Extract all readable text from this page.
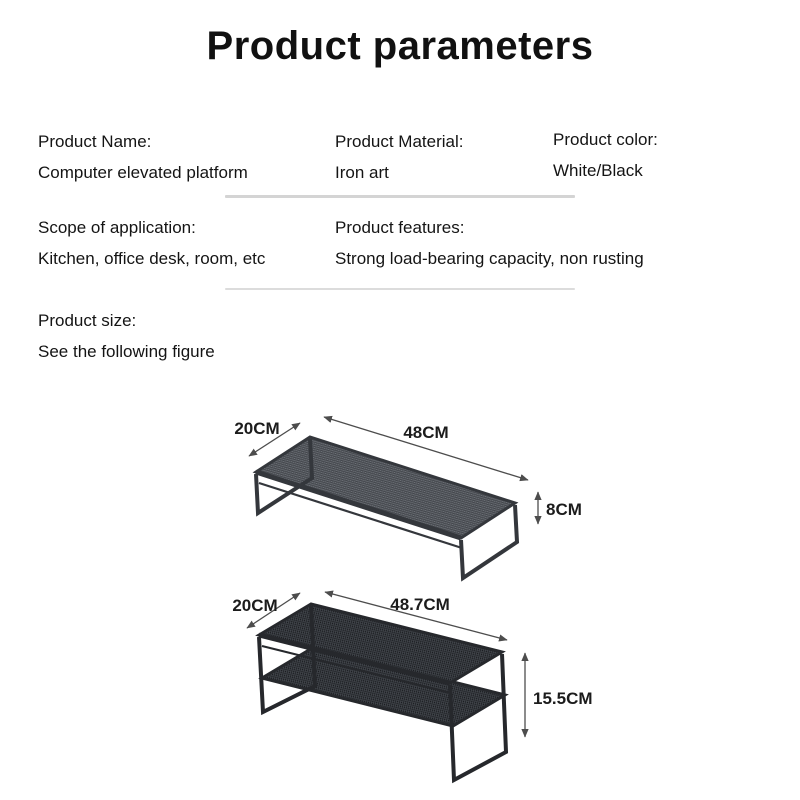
Product parameters
Product Name:
Computer elevated platform
Product Material:
Iron art
Product color:
White/Black
Scope of application:
Kitchen, office desk, room, etc
Product features:
Strong load-bearing capacity, non rusting
Product size:
See the following figure
20CM	48CM
8CM
20CM	48.7CM
15.5CM
